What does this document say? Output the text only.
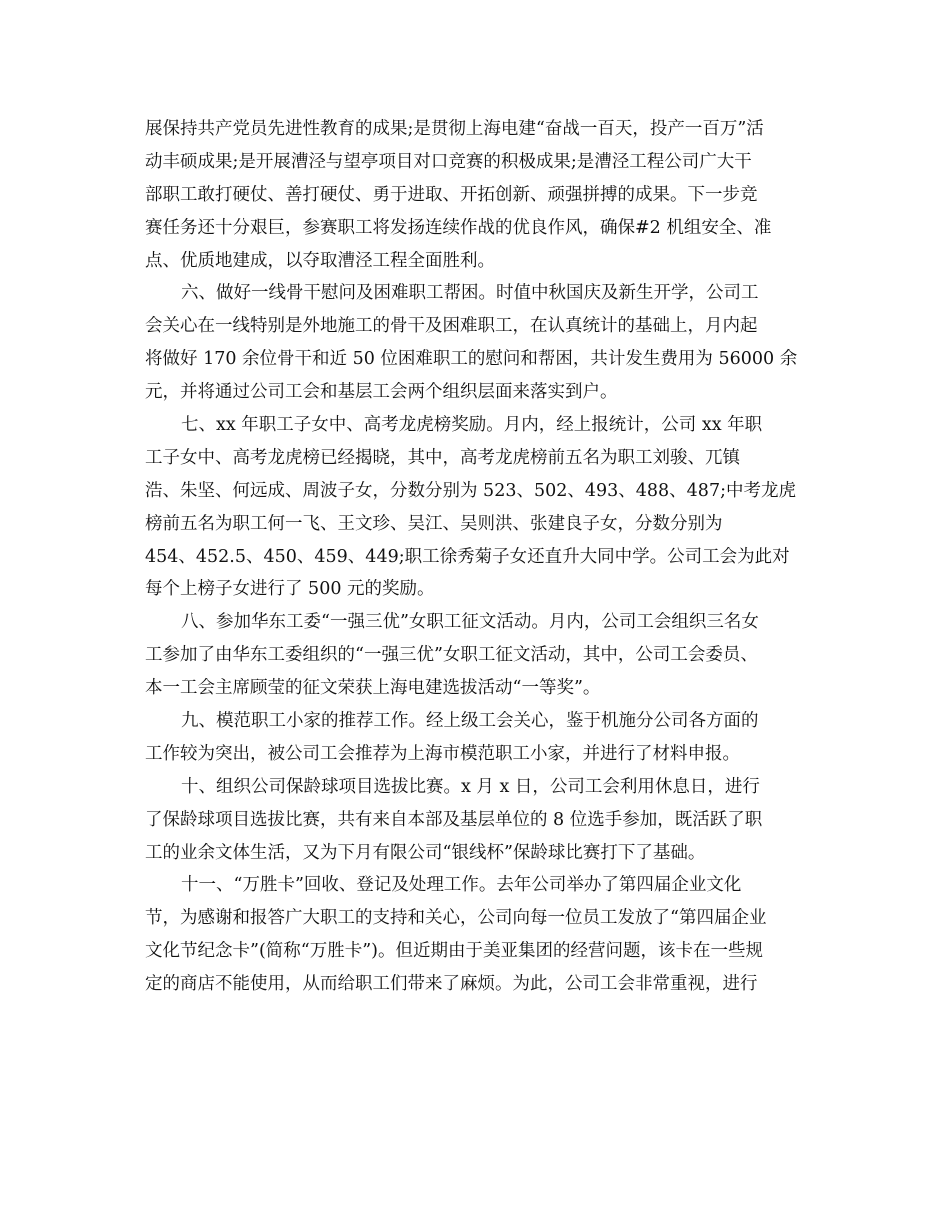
展保持共产党员先进性教育的成果;是贯彻上海电建“奋战一百天，投产一百万”活
动丰硕成果;是开展漕泾与望亭项目对口竞赛的积极成果;是漕泾工程公司广大干
部职工敢打硬仗、善打硬仗、勇于进取、开拓创新、顽强拼搏的成果。下一步竞
赛任务还十分艰巨，参赛职工将发扬连续作战的优良作风，确保#2 机组安全、准
点、优质地建成，以夺取漕泾工程全面胜利。
六、做好一线骨干慰问及困难职工帮困。时值中秋国庆及新生开学，公司工
会关心在一线特别是外地施工的骨干及困难职工，在认真统计的基础上，月内起
将做好 170 余位骨干和近 50 位困难职工的慰问和帮困，共计发生费用为 56000 余
元，并将通过公司工会和基层工会两个组织层面来落实到户。
七、xx 年职工子女中、高考龙虎榜奖励。月内，经上报统计，公司 xx 年职
工子女中、高考龙虎榜已经揭晓，其中，高考龙虎榜前五名为职工刘骏、兀镇
浩、朱坚、何远成、周波子女，分数分别为 523、502、493、488、487;中考龙虎
榜前五名为职工何一飞、王文珍、吴江、吴则洪、张建良子女，分数分别为
454、452.5、450、459、449;职工徐秀菊子女还直升大同中学。公司工会为此对
每个上榜子女进行了 500 元的奖励。
八、参加华东工委“一强三优”女职工征文活动。月内，公司工会组织三名女
工参加了由华东工委组织的“一强三优”女职工征文活动，其中，公司工会委员、
本一工会主席顾莹的征文荣获上海电建选拔活动“一等奖”。
九、模范职工小家的推荐工作。经上级工会关心，鉴于机施分公司各方面的
工作较为突出，被公司工会推荐为上海市模范职工小家，并进行了材料申报。
十、组织公司保龄球项目选拔比赛。x 月 x 日，公司工会利用休息日，进行
了保龄球项目选拔比赛，共有来自本部及基层单位的 8 位选手参加，既活跃了职
工的业余文体生活，又为下月有限公司“银线杯”保龄球比赛打下了基础。
十一、“万胜卡”回收、登记及处理工作。去年公司举办了第四届企业文化
节，为感谢和报答广大职工的支持和关心，公司向每一位员工发放了“第四届企业
文化节纪念卡”(简称“万胜卡”)。但近期由于美亚集团的经营问题，该卡在一些规
定的商店不能使用，从而给职工们带来了麻烦。为此，公司工会非常重视，进行
